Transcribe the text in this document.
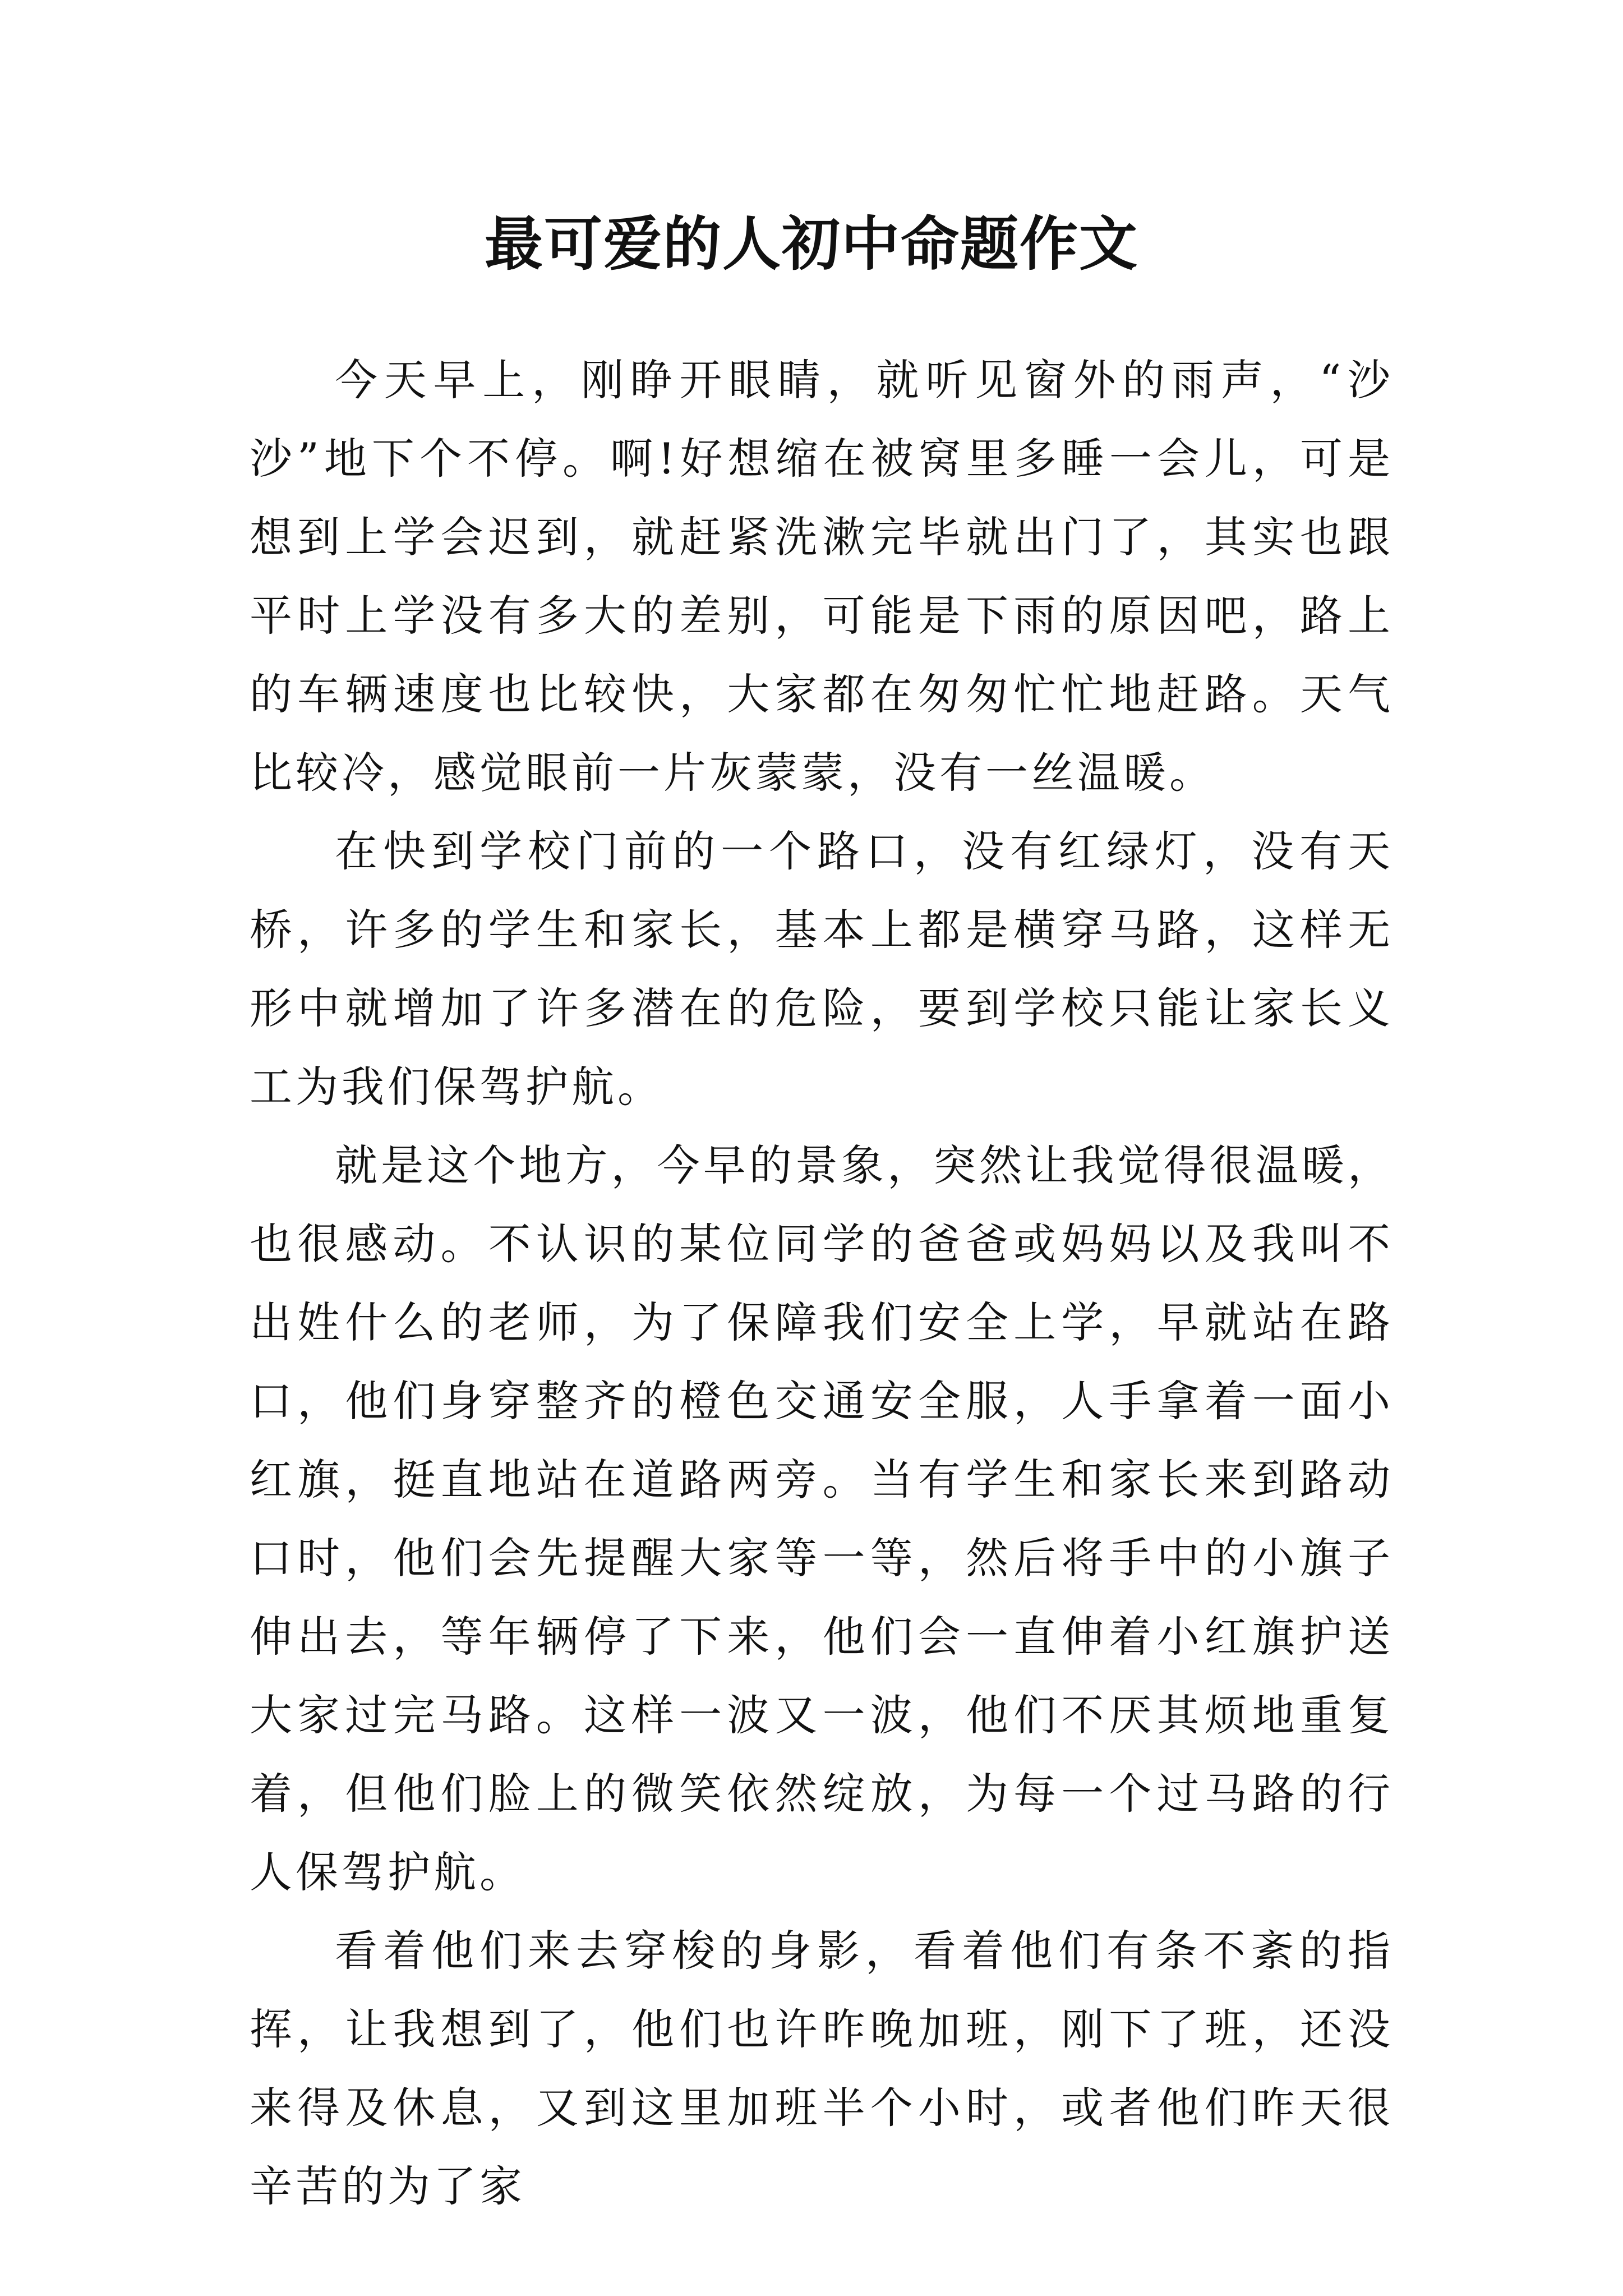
最可爱的人初中命题作文

今天早上，刚睁开眼睛，就听见窗外的雨声，“沙沙”地下个不停。啊!好想缩在被窝里多睡一会儿，可是想到上学会迟到，就赶紧洗漱完毕就出门了，其实也跟平时上学没有多大的差别，可能是下雨的原因吧，路上的车辆速度也比较快，大家都在匆匆忙忙地赶路。天气比较冷，感觉眼前一片灰蒙蒙，没有一丝温暖。

在快到学校门前的一个路口，没有红绿灯，没有天桥，许多的学生和家长，基本上都是横穿马路，这样无形中就增加了许多潜在的危险，要到学校只能让家长义工为我们保驾护航。

就是这个地方，今早的景象，突然让我觉得很温暖，也很感动。不认识的某位同学的爸爸或妈妈以及我叫不出姓什么的老师，为了保障我们安全上学，早就站在路口，他们身穿整齐的橙色交通安全服，人手拿着一面小红旗，挺直地站在道路两旁。当有学生和家长来到路动口时，他们会先提醒大家等一等，然后将手中的小旗子伸出去，等年辆停了下来，他们会一直伸着小红旗护送大家过完马路。这样一波又一波，他们不厌其烦地重复着，但他们脸上的微笑依然绽放，为每一个过马路的行人保驾护航。

看着他们来去穿梭的身影，看着他们有条不紊的指挥，让我想到了，他们也许昨晚加班，刚下了班，还没来得及休息，又到这里加班半个小时，或者他们昨天很辛苦的为了家
